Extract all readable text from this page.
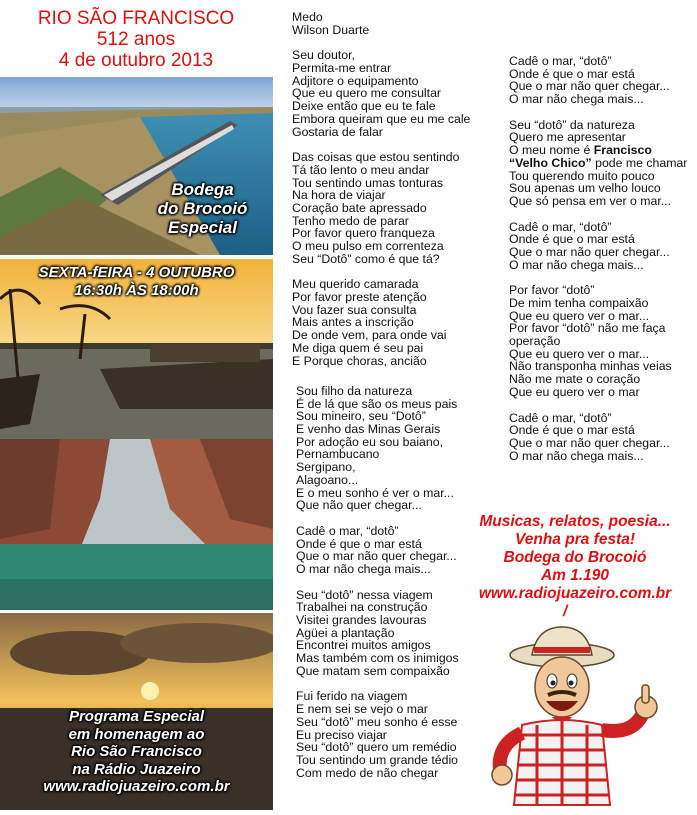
RIO SÃO FRANCISCO
512 anos
4 de outubro 2013
Bodega
do Brocoió
Especial
SEXTA-fEIRA - 4 OUTUBRO
16:30h ÀS 18:00h
Programa Especial
em homenagem ao
Rio São Francisco
na Rádio Juazeiro
www.radiojuazeiro.com.br
Medo
Wilson Duarte
Seu doutor,
Permita-me entrar
Adjitore o equipamento
Que eu quero me consultar
Deixe então que eu te fale
Embora queiram que eu me cale
Gostaria de falar
Das coisas que estou sentindo
Tá tão lento o meu andar
Tou sentindo umas tonturas
Na hora de viajar
Coração bate apressado
Tenho medo de parar
Por favor quero franqueza
O meu pulso em correnteza
Seu “Dotô” como é que tá?
Meu querido camarada
Por favor preste atenção
Vou fazer sua consulta
Mais antes a inscrição
De onde vem, para onde vai
Me diga quem é seu pai
E Porque choras, ancião
Sou filho da natureza
É de lá que são os meus pais
Sou mineiro, seu “Dotô”
E venho das Minas Gerais
Por adoção eu sou baiano,
Pernambucano
Sergipano,
Alagoano...
E o meu sonho é ver o mar...
Que não quer chegar...
Cadê o mar, “dotô”
Onde é que o mar está
Que o mar não quer chegar...
O mar não chega mais...
Seu “dotô” nessa viagem
Trabalhei na construção
Visitei grandes lavouras
Agüei a plantação
Encontrei muitos amigos
Mas também com os inimigos
Que matam sem compaixão
Fui ferido na viagem
E nem sei se vejo o mar
Seu “dotô” meu sonho é esse
Eu preciso viajar
Seu “dotô” quero um remédio
Tou sentindo um grande tédio
Com medo de não chegar
Cadê o mar, “dotô”
Onde é que o mar está
Que o mar não quer chegar...
O mar não chega mais...
Seu “dotô” da natureza
Quero me apresentar
O meu nome é Francisco
“Velho Chico” pode me chamar
Tou querendo muito pouco
Sou apenas um velho louco
Que só pensa em ver o mar...
Cadê o mar, “dotô”
Onde é que o mar está
Que o mar não quer chegar...
O mar não chega mais...
Por favor “dotô”
De mim tenha compaixão
Que eu quero ver o mar...
Por favor “dotô” não me faça
operação
Que eu quero ver o mar...
Não transponha minhas veias
Não me mate o coração
Que eu quero ver o mar
Cadê o mar, “dotô”
Onde é que o mar está
Que o mar não quer chegar...
O mar não chega mais...
Musicas, relatos, poesia...
Venha pra festa!
Bodega do Brocoió
Am 1.190
www.radiojuazeiro.com.br
/
